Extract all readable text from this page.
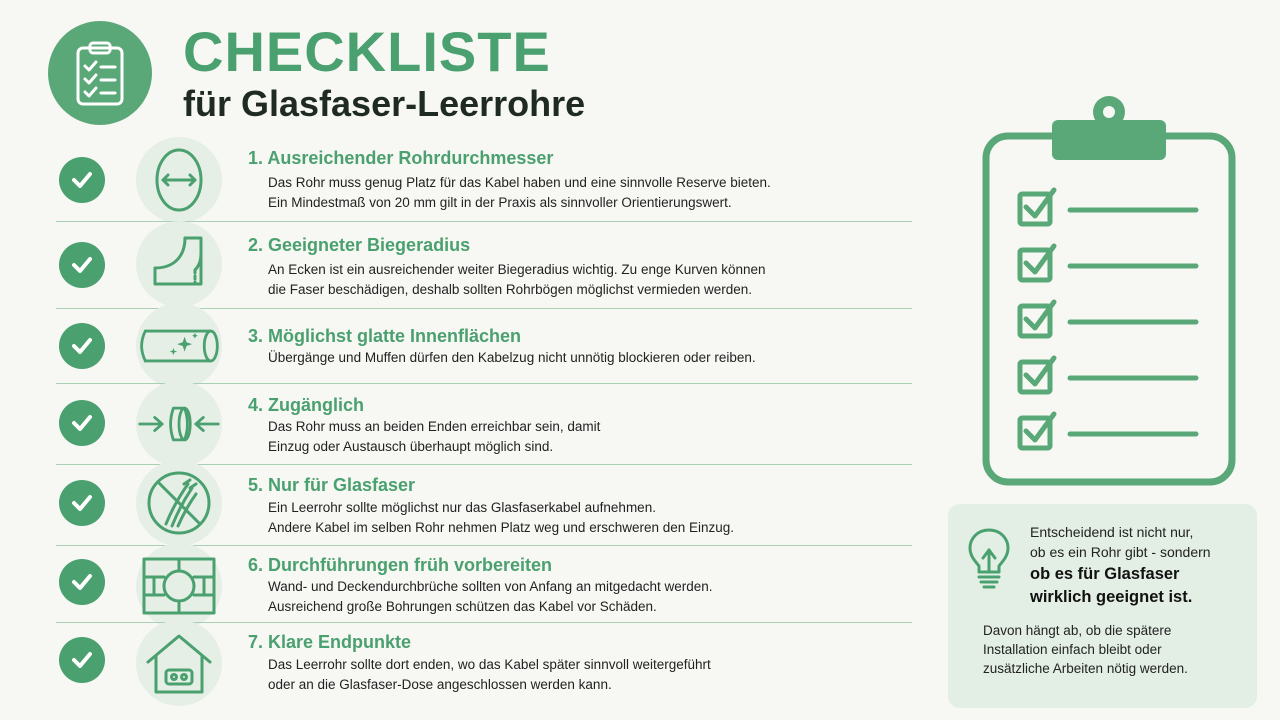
CHECKLISTE
für Glasfaser-Leerrohre
1. Ausreichender Rohrdurchmesser
Das Rohr muss genug Platz für das Kabel haben und eine sinnvolle Reserve bieten.
Ein Mindestmaß von 20 mm gilt in der Praxis als sinnvoller Orientierungswert.
2. Geeigneter Biegeradius
An Ecken ist ein ausreichender weiter Biegeradius wichtig. Zu enge Kurven können
die Faser beschädigen, deshalb sollten Rohrbögen möglichst vermieden werden.
3. Möglichst glatte Innenflächen
Übergänge und Muffen dürfen den Kabelzug nicht unnötig blockieren oder reiben.
4. Zugänglich
Das Rohr muss an beiden Enden erreichbar sein, damit
Einzug oder Austausch überhaupt möglich sind.
5. Nur für Glasfaser
Ein Leerrohr sollte möglichst nur das Glasfaserkabel aufnehmen.
Andere Kabel im selben Rohr nehmen Platz weg und erschweren den Einzug.
6. Durchführungen früh vorbereiten
Wand- und Deckendurchbrüche sollten von Anfang an mitgedacht werden.
Ausreichend große Bohrungen schützen das Kabel vor Schäden.
7. Klare Endpunkte
Das Leerrohr sollte dort enden, wo das Kabel später sinnvoll weitergeführt
oder an die Glasfaser-Dose angeschlossen werden kann.
Entscheidend ist nicht nur,
ob es ein Rohr gibt - sondern
ob es für Glasfaser
wirklich geeignet ist.
Davon hängt ab, ob die spätere
Installation einfach bleibt oder
zusätzliche Arbeiten nötig werden.
